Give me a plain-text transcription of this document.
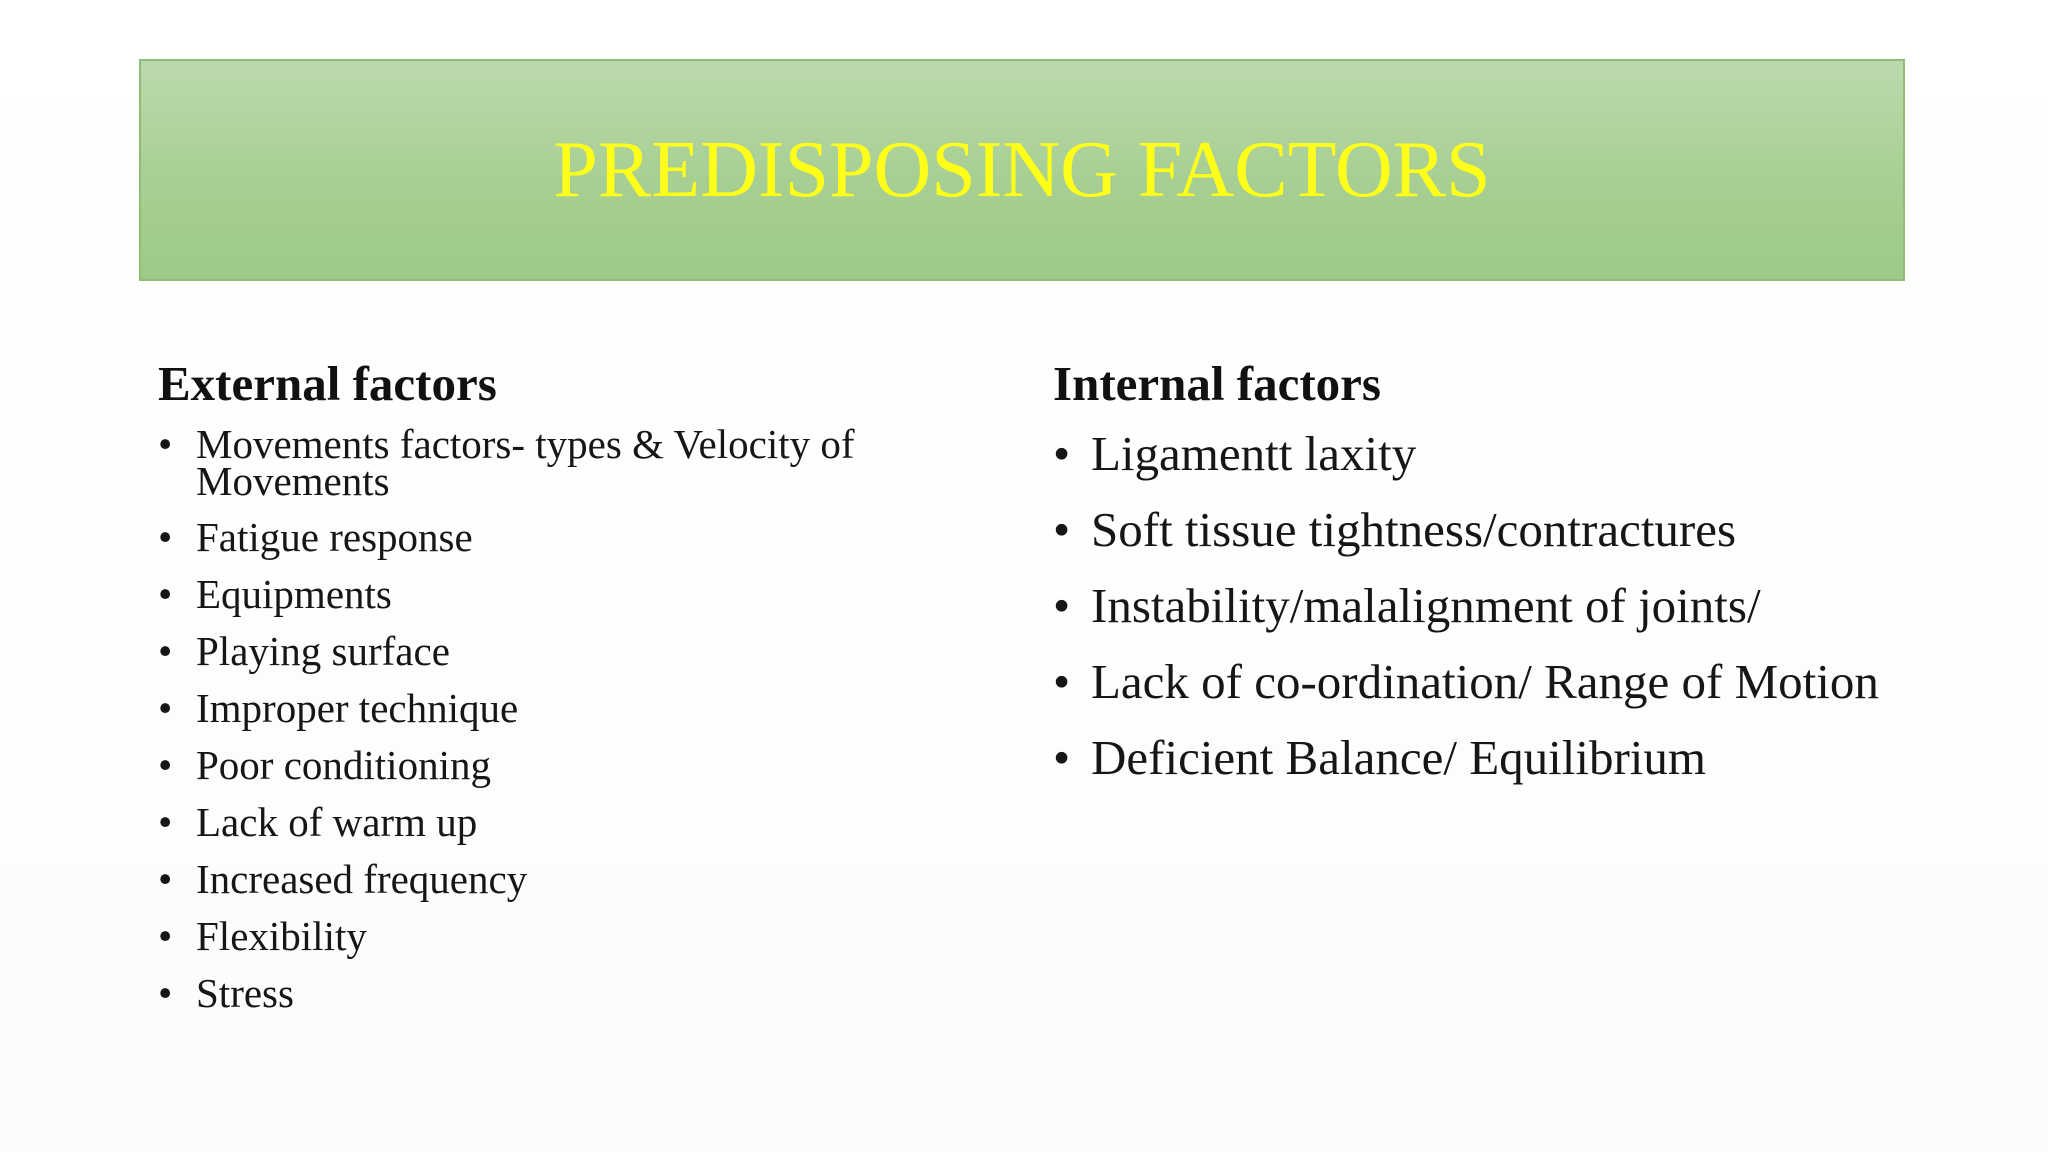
PREDISPOSING FACTORS
External factors
• Movements factors- types & Velocity of Movements
• Fatigue response
• Equipments
• Playing surface
• Improper technique
• Poor conditioning
• Lack of warm up
• Increased frequency
• Flexibility
• Stress
Internal factors
• Ligamentt laxity
• Soft tissue tightness/contractures
• Instability/malalignment of joints/
• Lack of co-ordination/ Range of Motion
• Deficient Balance/ Equilibrium
